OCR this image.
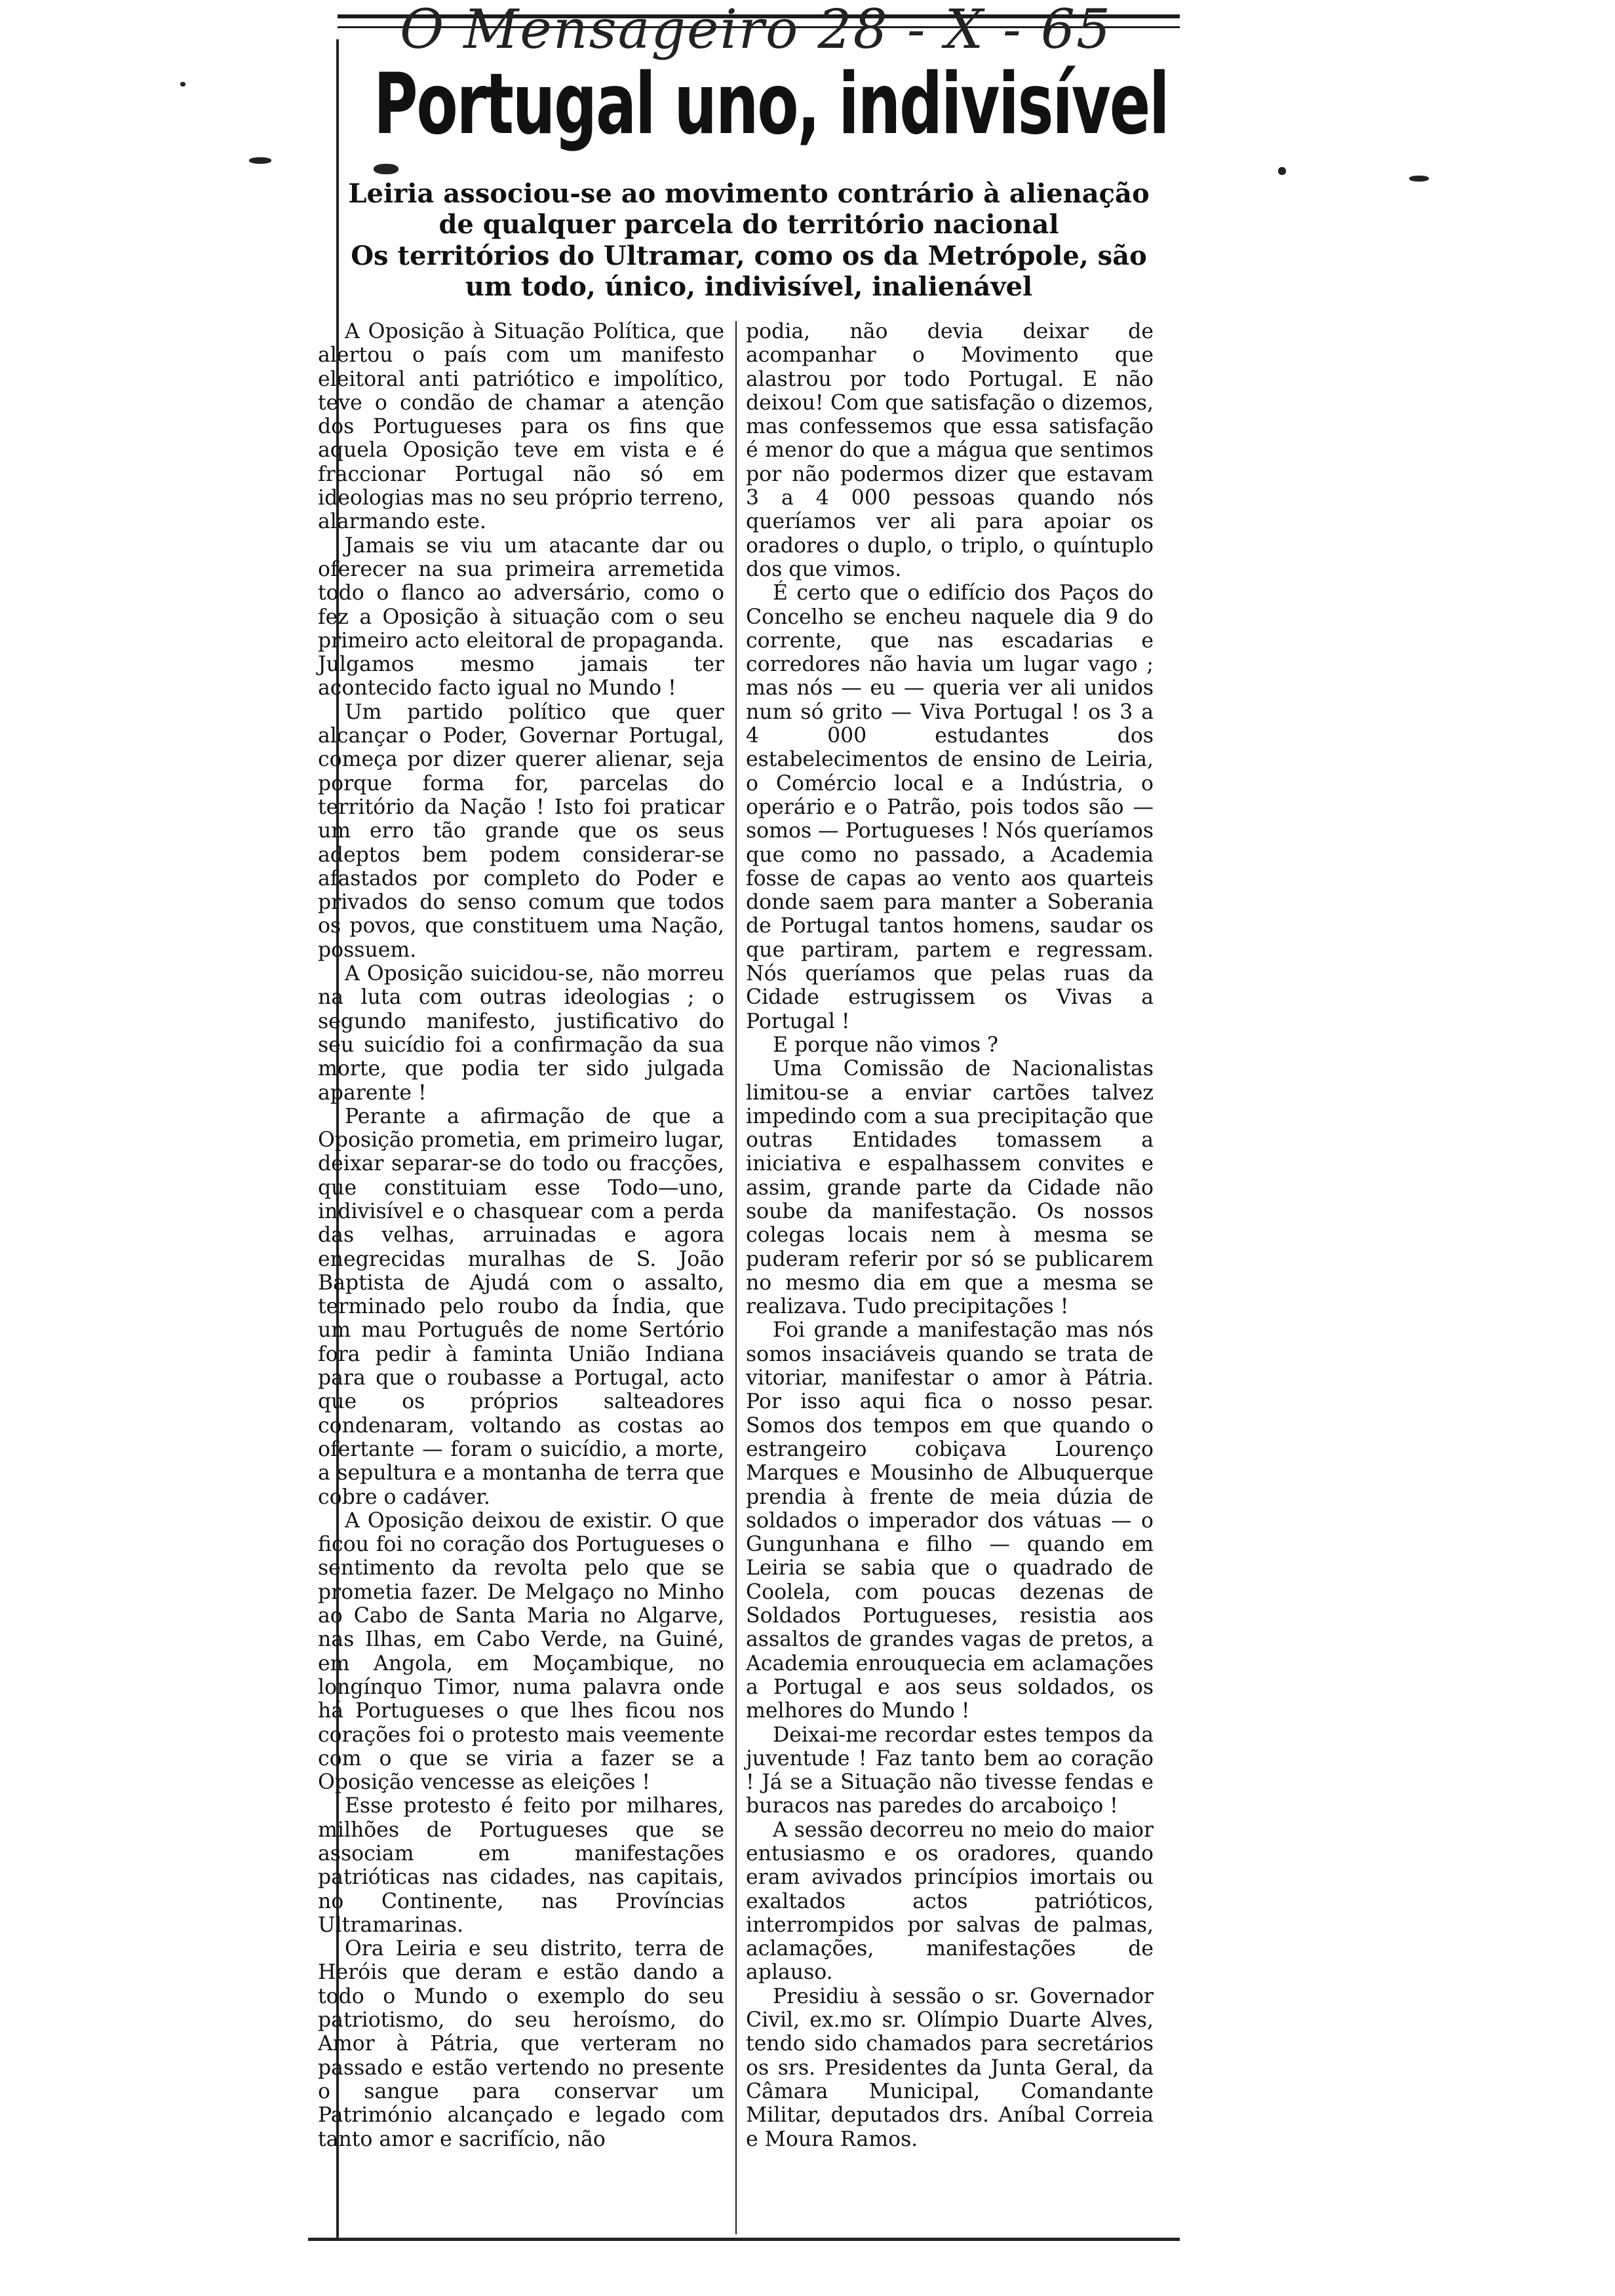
O Mensageiro 28 - X - 65
Portugal uno, indivisível
Leiria associou-se ao movimento contrário à alienação de qualquer parcela do território nacional
Os territórios do Ultramar, como os da Metrópole, são um todo, único, indivisível, inalienável

A Oposição à Situação Política, que alertou o país com um manifesto eleitoral anti patriótico e impolítico, teve o condão de chamar a atenção dos Portugueses para os fins que aquela Oposição teve em vista e é fraccionar Portugal não só em ideologias mas no seu próprio terreno, alarmando este.

Jamais se viu um atacante dar ou oferecer na sua primeira arremetida todo o flanco ao adversário, como o fez a Oposição à situação com o seu primeiro acto eleitoral de propaganda. Julgamos mesmo jamais ter acontecido facto igual no Mundo !

Um partido político que quer alcançar o Poder, Governar Portugal, começa por dizer querer alienar, seja porque forma for, parcelas do território da Nação ! Isto foi praticar um erro tão grande que os seus adeptos bem podem considerar-se afastados por completo do Poder e privados do senso comum que todos os povos, que constituem uma Nação, possuem.

A Oposição suicidou-se, não morreu na luta com outras ideologias ; o segundo manifesto, justificativo do seu suicídio foi a confirmação da sua morte, que podia ter sido julgada aparente !

Perante a afirmação de que a Oposição prometia, em primeiro lugar, deixar separar-se do todo ou fracções, que constituiam esse Todo—uno, indivisível e o chasquear com a perda das velhas, arruinadas e agora enegrecidas muralhas de S. João Baptista de Ajudá com o assalto, terminado pelo roubo da Índia, que um mau Português de nome Sertório fora pedir à faminta União Indiana para que o roubasse a Portugal, acto que os próprios salteadores condenaram, voltando as costas ao ofertante — foram o suicídio, a morte, a sepultura e a montanha de terra que cobre o cadáver.

A Oposição deixou de existir. O que ficou foi no coração dos Portugueses o sentimento da revolta pelo que se prometia fazer. De Melgaço no Minho ao Cabo de Santa Maria no Algarve, nas Ilhas, em Cabo Verde, na Guiné, em Angola, em Moçambique, no longínquo Timor, numa palavra onde há Portugueses o que lhes ficou nos corações foi o protesto mais veemente com o que se viria a fazer se a Oposição vencesse as eleições !

Esse protesto é feito por milhares, milhões de Portugueses que se associam em manifestações patrióticas nas cidades, nas capitais, no Continente, nas Províncias Ultramarinas.

Ora Leiria e seu distrito, terra de Heróis que deram e estão dando a todo o Mundo o exemplo do seu patriotismo, do seu heroísmo, do Amor à Pátria, que verteram no passado e estão vertendo no presente o sangue para conservar um Património alcançado e legado com tanto amor e sacrifício, não

podia, não devia deixar de acompanhar o Movimento que alastrou por todo Portugal. E não deixou! Com que satisfação o dizemos, mas confessemos que essa satisfação é menor do que a mágua que sentimos por não podermos dizer que estavam 3 a 4 000 pessoas quando nós queríamos ver ali para apoiar os oradores o duplo, o triplo, o quíntuplo dos que vimos.

É certo que o edifício dos Paços do Concelho se encheu naquele dia 9 do corrente, que nas escadarias e corredores não havia um lugar vago ; mas nós — eu — queria ver ali unidos num só grito — Viva Portugal ! os 3 a 4 000 estudantes dos estabelecimentos de ensino de Leiria, o Comércio local e a Indústria, o operário e o Patrão, pois todos são — somos — Portugueses ! Nós queríamos que como no passado, a Academia fosse de capas ao vento aos quarteis donde saem para manter a Soberania de Portugal tantos homens, saudar os que partiram, partem e regressam. Nós queríamos que pelas ruas da Cidade estrugissem os Vivas a Portugal !

E porque não vimos ?

Uma Comissão de Nacionalistas limitou-se a enviar cartões talvez impedindo com a sua precipitação que outras Entidades tomassem a iniciativa e espalhassem convites e assim, grande parte da Cidade não soube da manifestação. Os nossos colegas locais nem à mesma se puderam referir por só se publicarem no mesmo dia em que a mesma se realizava. Tudo precipitações !

Foi grande a manifestação mas nós somos insaciáveis quando se trata de vitoriar, manifestar o amor à Pátria. Por isso aqui fica o nosso pesar. Somos dos tempos em que quando o estrangeiro cobiçava Lourenço Marques e Mousinho de Albuquerque prendia à frente de meia dúzia de soldados o imperador dos vátuas — o Gungunhana e filho — quando em Leiria se sabia que o quadrado de Coolela, com poucas dezenas de Soldados Portugueses, resistia aos assaltos de grandes vagas de pretos, a Academia enrouquecia em aclamações a Portugal e aos seus soldados, os melhores do Mundo !

Deixai-me recordar estes tempos da juventude ! Faz tanto bem ao coração ! Já se a Situação não tivesse fendas e buracos nas paredes do arcaboiço !

A sessão decorreu no meio do maior entusiasmo e os oradores, quando eram avivados princípios imortais ou exaltados actos patrióticos, interrompidos por salvas de palmas, aclamações, manifestações de aplauso.

Presidiu à sessão o sr. Governador Civil, ex.mo sr. Olímpio Duarte Alves, tendo sido chamados para secretários os srs. Presidentes da Junta Geral, da Câmara Municipal, Comandante Militar, deputados drs. Aníbal Correia e Moura Ramos.
